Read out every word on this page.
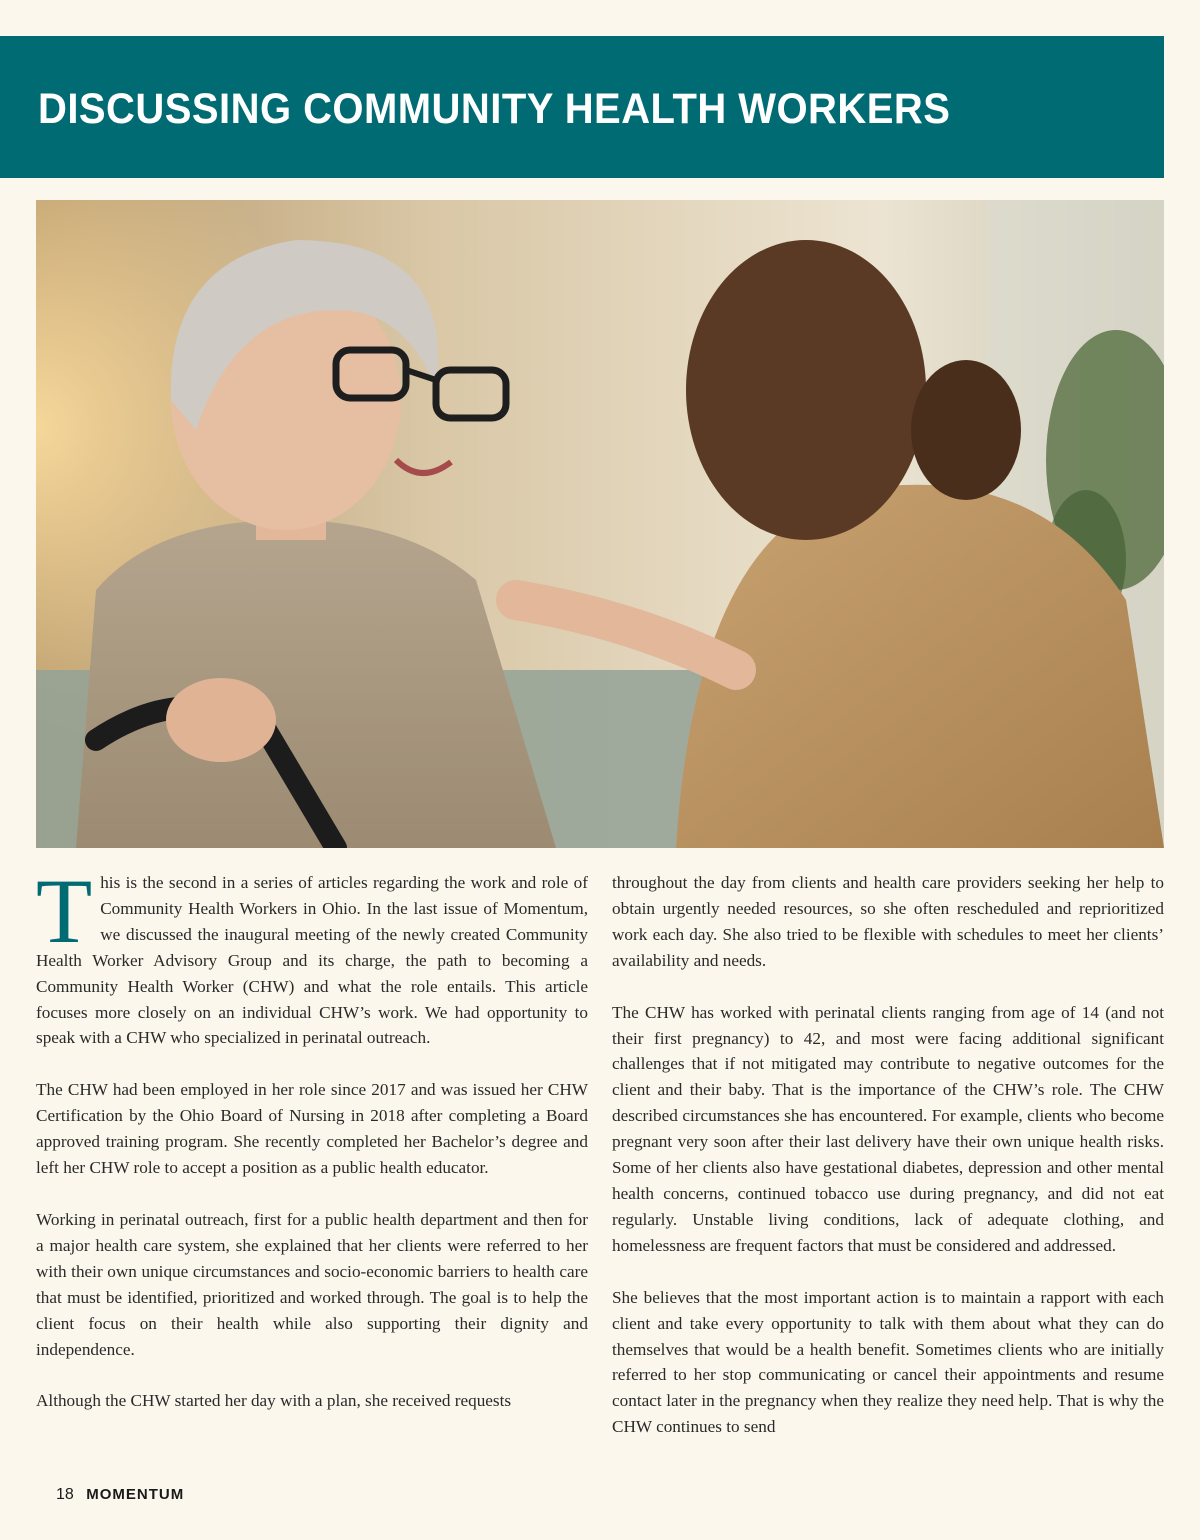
DISCUSSING COMMUNITY HEALTH WORKERS

This is the second in a series of articles regarding the work and role of Community Health Workers in Ohio. In the last issue of Momentum, we discussed the inaugural meeting of the newly created Community Health Worker Advisory Group and its charge, the path to becoming a Community Health Worker (CHW) and what the role entails. This article focuses more closely on an individual CHW’s work. We had opportunity to speak with a CHW who specialized in perinatal outreach.

The CHW had been employed in her role since 2017 and was issued her CHW Certification by the Ohio Board of Nursing in 2018 after completing a Board approved training program. She recently completed her Bachelor’s degree and left her CHW role to accept a position as a public health educator.

Working in perinatal outreach, first for a public health department and then for a major health care system, she explained that her clients were referred to her with their own unique circumstances and socio-economic barriers to health care that must be identified, prioritized and worked through. The goal is to help the client focus on their health while also supporting their dignity and independence.

Although the CHW started her day with a plan, she received requests

throughout the day from clients and health care providers seeking her help to obtain urgently needed resources, so she often rescheduled and reprioritized work each day. She also tried to be flexible with schedules to meet her clients’ availability and needs.

The CHW has worked with perinatal clients ranging from age of 14 (and not their first pregnancy) to 42, and most were facing additional significant challenges that if not mitigated may contribute to negative outcomes for the client and their baby. That is the importance of the CHW’s role. The CHW described circumstances she has encountered. For example, clients who become pregnant very soon after their last delivery have their own unique health risks. Some of her clients also have gestational diabetes, depression and other mental health concerns, continued tobacco use during pregnancy, and did not eat regularly. Unstable living conditions, lack of adequate clothing, and homelessness are frequent factors that must be considered and addressed.

She believes that the most important action is to maintain a rapport with each client and take every opportunity to talk with them about what they can do themselves that would be a health benefit. Sometimes clients who are initially referred to her stop communicating or cancel their appointments and resume contact later in the pregnancy when they realize they need help. That is why the CHW continues to send

18 MOMENTUM
